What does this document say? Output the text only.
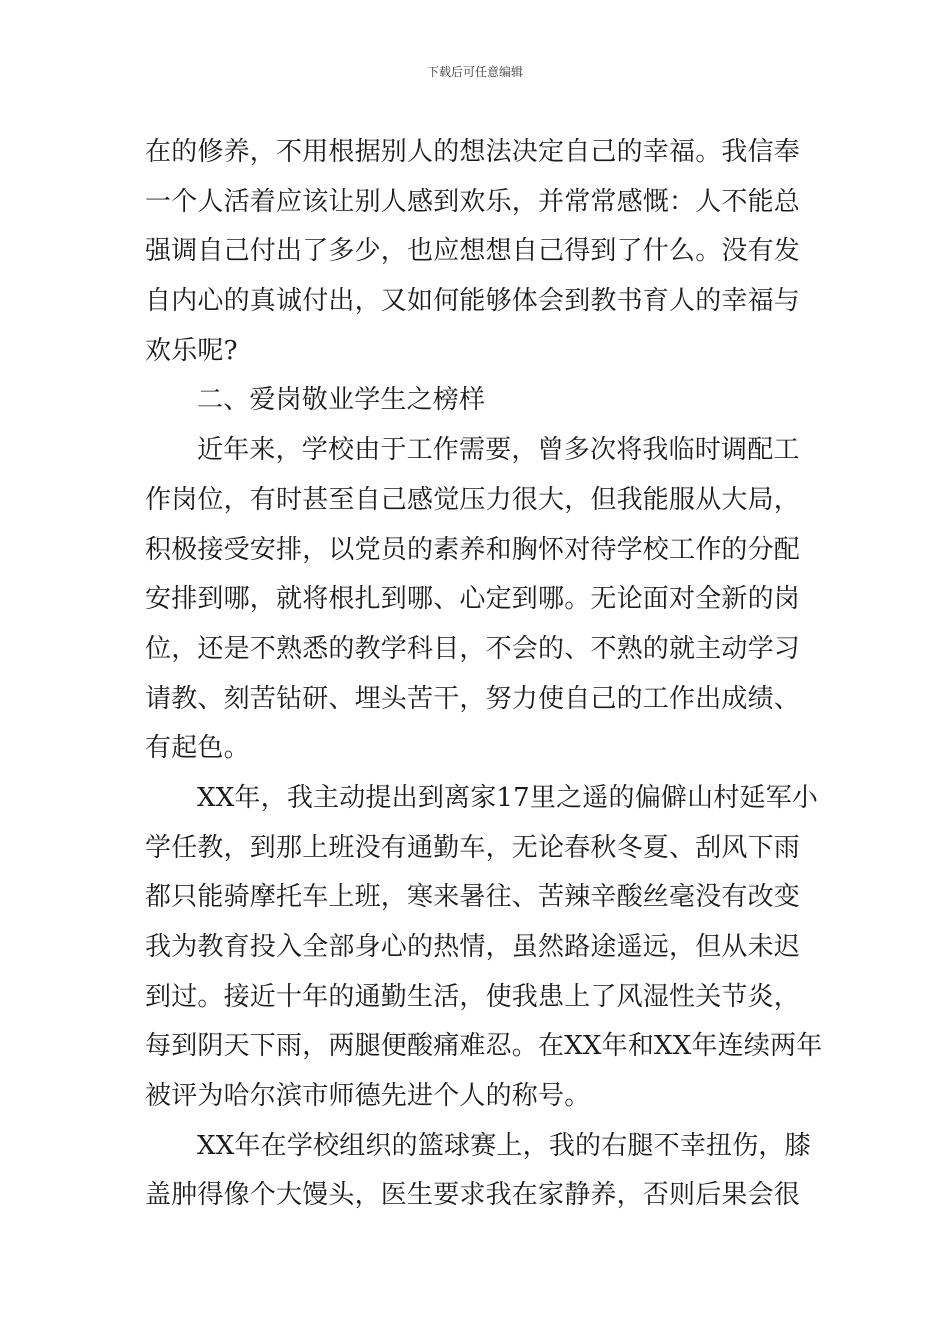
下载后可任意编辑
在的修养，不用根据别人的想法决定自己的幸福。我信奉
一个人活着应该让别人感到欢乐，并常常感慨：人不能总
强调自己付出了多少，也应想想自己得到了什么。没有发
自内心的真诚付出，又如何能够体会到教书育人的幸福与
欢乐呢?
二、爱岗敬业学生之榜样
近年来，学校由于工作需要，曾多次将我临时调配工
作岗位，有时甚至自己感觉压力很大，但我能服从大局，
积极接受安排，以党员的素养和胸怀对待学校工作的分配
安排到哪，就将根扎到哪、心定到哪。无论面对全新的岗
位，还是不熟悉的教学科目，不会的、不熟的就主动学习
请教、刻苦钻研、埋头苦干，努力使自己的工作出成绩、
有起色。
XX年，我主动提出到离家17里之遥的偏僻山村延军小
学任教，到那上班没有通勤车，无论春秋冬夏、刮风下雨
都只能骑摩托车上班，寒来暑往、苦辣辛酸丝毫没有改变
我为教育投入全部身心的热情，虽然路途遥远，但从未迟
到过。接近十年的通勤生活，使我患上了风湿性关节炎，
每到阴天下雨，两腿便酸痛难忍。在XX年和XX年连续两年
被评为哈尔滨市师德先进个人的称号。
XX年在学校组织的篮球赛上，我的右腿不幸扭伤，膝
盖肿得像个大馒头，医生要求我在家静养，否则后果会很
